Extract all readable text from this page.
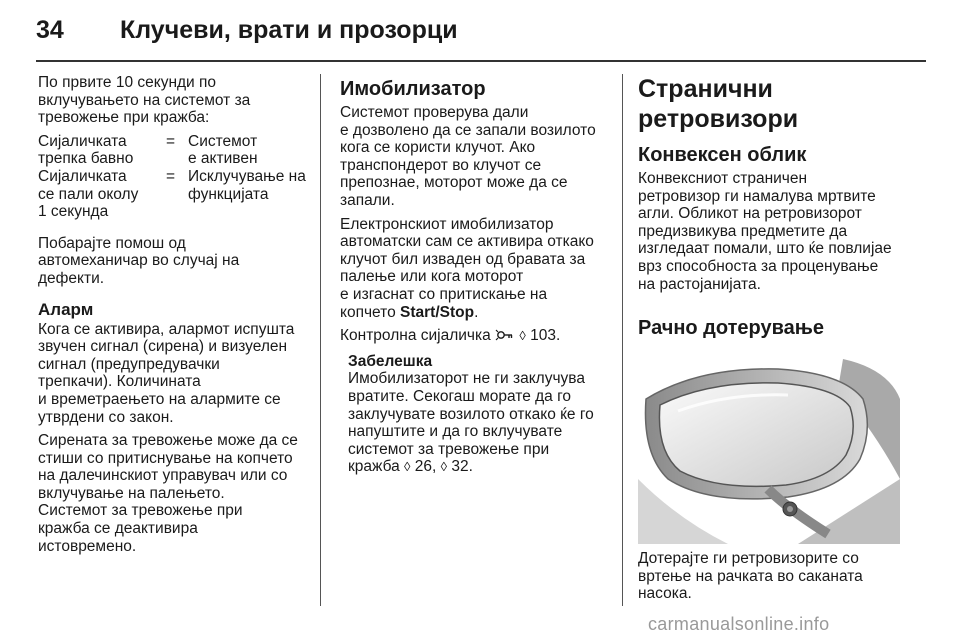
34 Клучеви, врати и прозорци

По првите 10 секунди по
вклучувањето на системот за
тревожење при кражба:

Сијаличката
трепка бавно
= Системот
е активен
Сијаличката
се пали околу
1 секунда
= Исклучување на
функцијата

Побарајте помош од
автомеханичар во случај на
дефекти.

Аларм

Кога се активира, алармот испушта
звучен сигнал (сирена) и визуелен
сигнал (предупредувачки
трепкачи). Количината
и времетраењето на алармите се
утврдени со закон.

Сирената за тревожење може да се
стиши со притиснување на копчето
на далечинскиот управувач или со
вклучување на палењето.
Системот за тревожење при
кражба се деактивира
истовремено.

Имобилизатор

Системот проверува дали
е дозволено да се запали возилото
кога се користи клучот. Ако
транспондерот во клучот се
препознае, моторот може да се
запали.

Електронскиот имобилизатор
автоматски сам се активира откако
клучот бил извaден од бравата за
палење или кога моторот
е изгаснат со притискање на
копчето Start/Stop.

Контролна сијаличка  ◊ 103.

Забелешка
Имобилизаторот не ги заклучува
вратите. Секогаш морате да го
заклучувате возилото откако ќе го
напуштите и да го вклучувате
системот за тревожење при
кражба ◊ 26, ◊ 32.
Странични ретровизори
Конвексен облик

Конвексниот страничен
ретровизор ги намалува мртвите
агли. Обликот на ретровизорот
предизвикува предметите да
изгледаат помали, што ќе повлијае
врз способноста за проценување
на растојанијата.

Рачно дотерување

Дотерајте ги ретровизорите со
вртење на рачката во саканата
насока.

carmanualsonline.info
